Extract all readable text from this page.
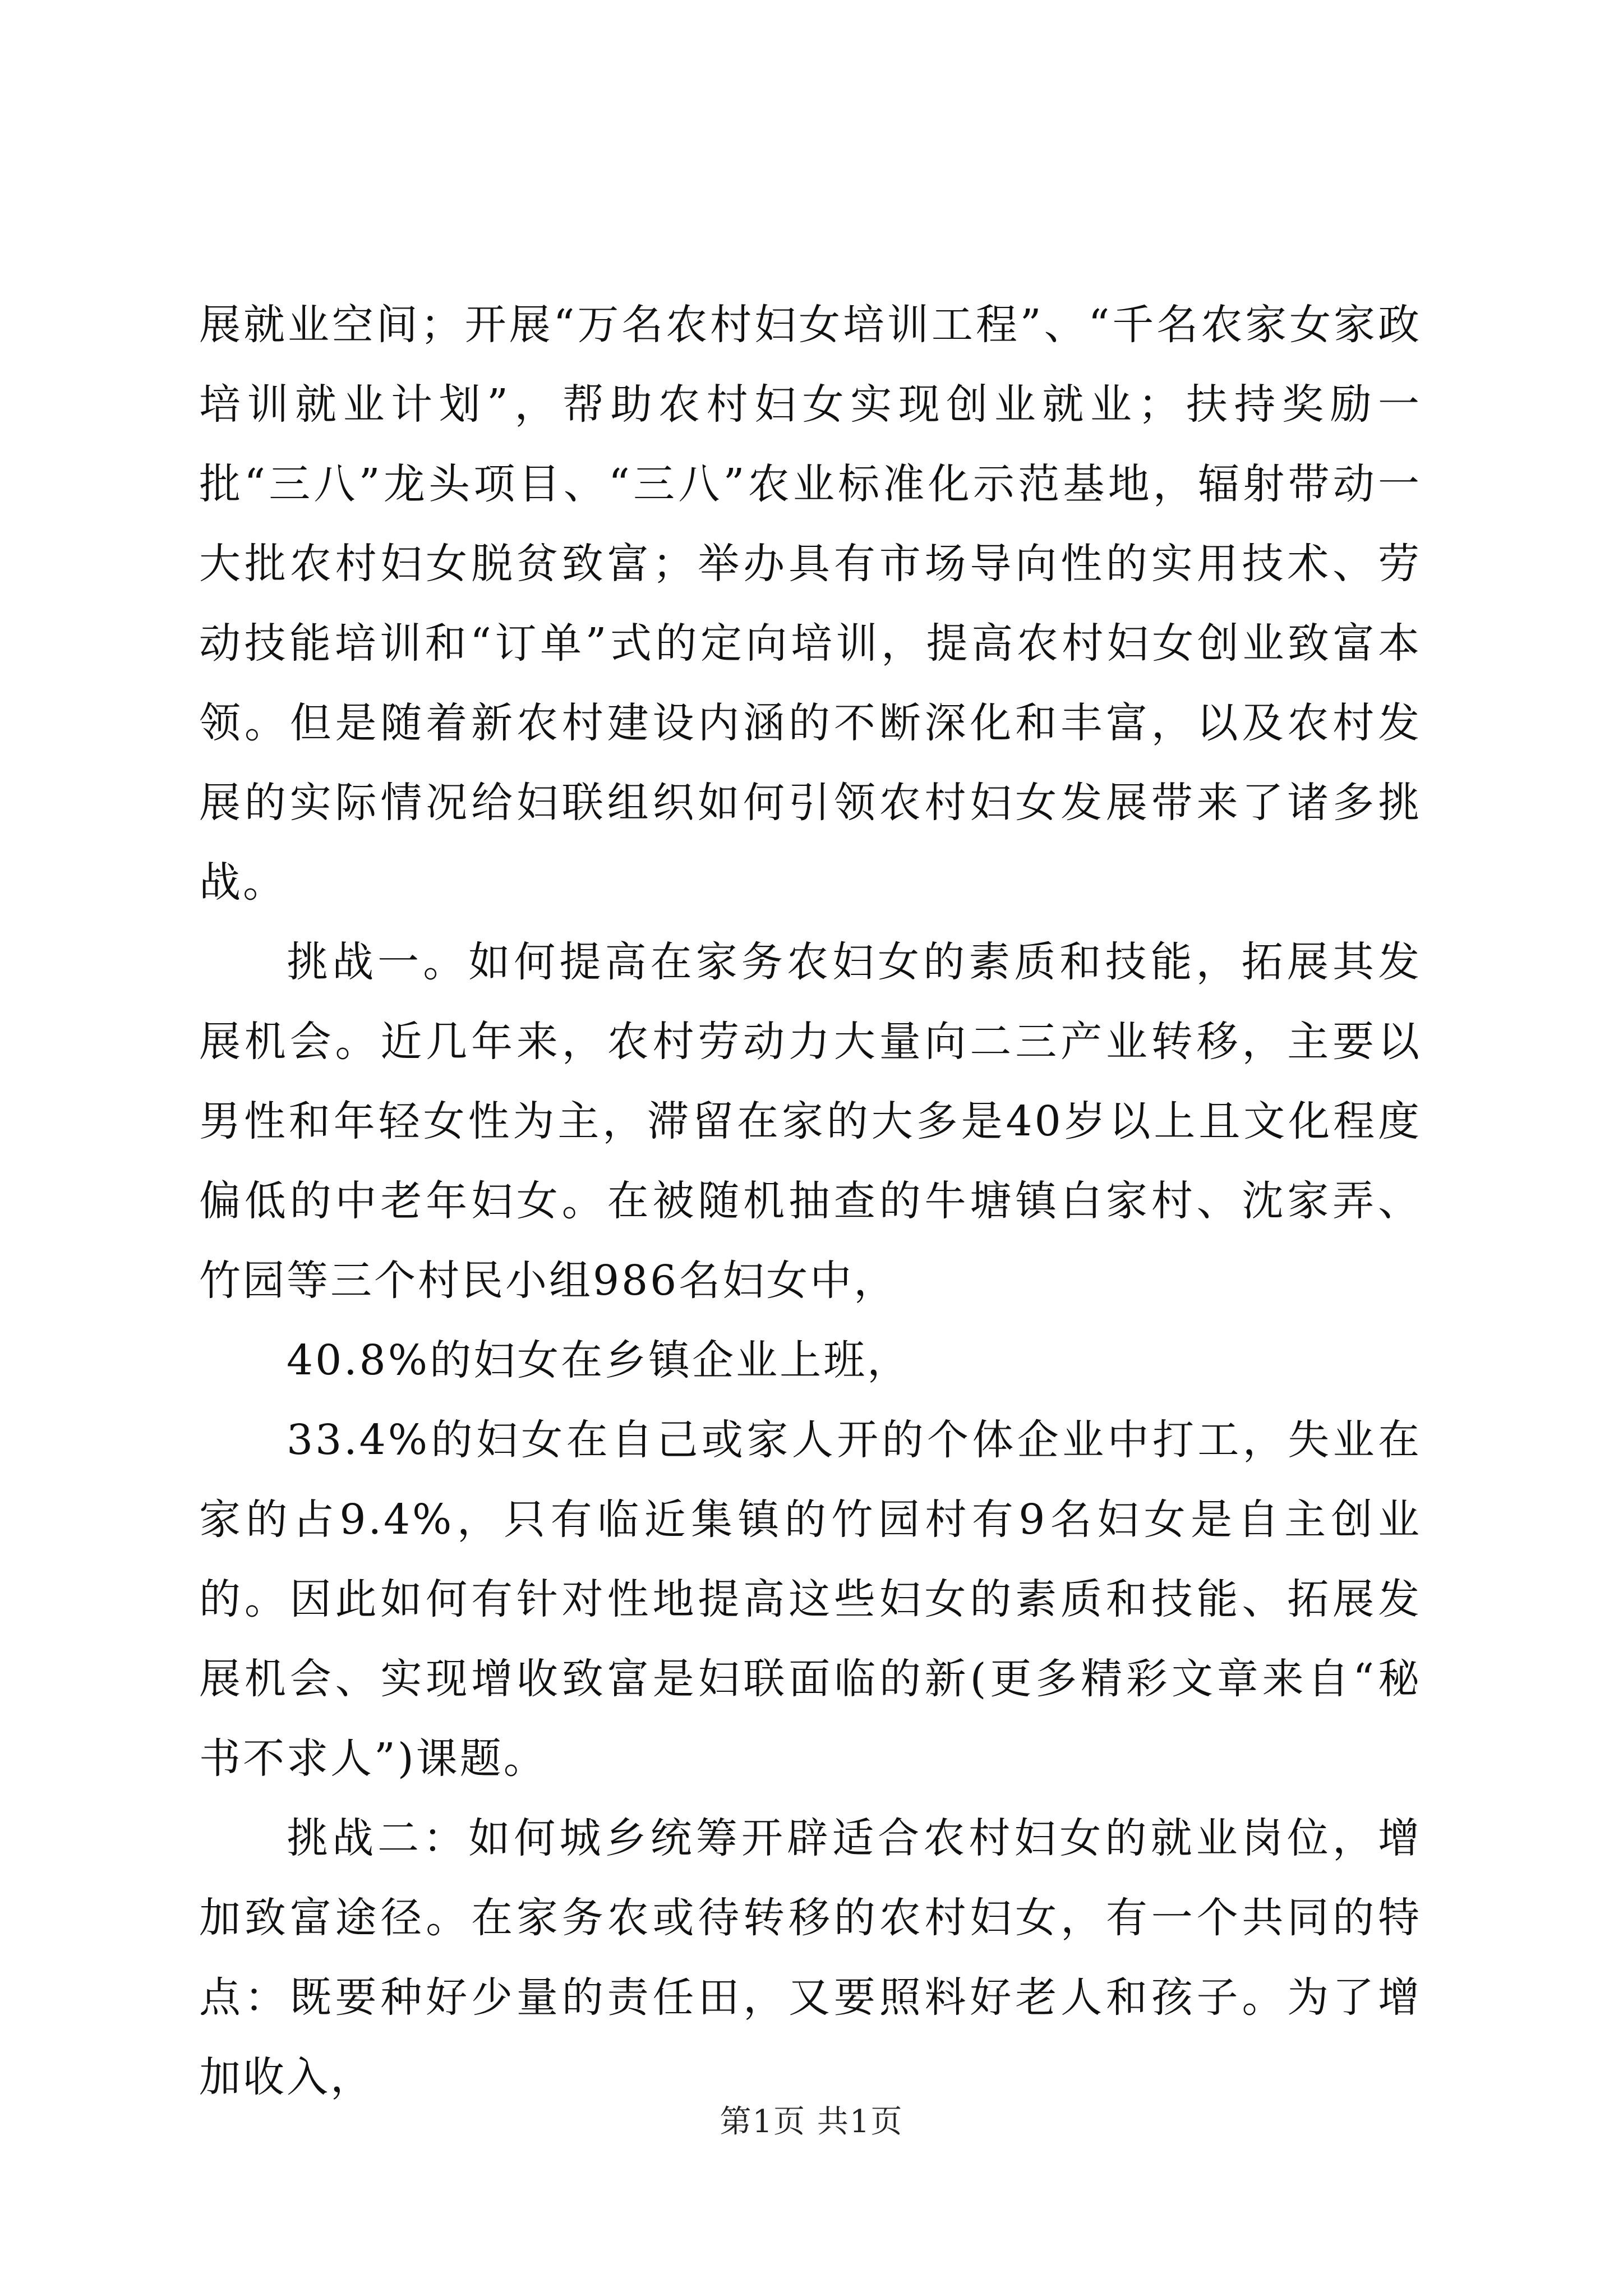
展就业空间；开展“万名农村妇女培训工程”、“千名农家女家政培训就业计划”，帮助农村妇女实现创业就业；扶持奖励一批“三八”龙头项目、“三八”农业标准化示范基地，辐射带动一大批农村妇女脱贫致富；举办具有市场导向性的实用技术、劳动技能培训和“订单”式的定向培训，提高农村妇女创业致富本领。但是随着新农村建设内涵的不断深化和丰富，以及农村发展的实际情况给妇联组织如何引领农村妇女发展带来了诸多挑战。

挑战一。如何提高在家务农妇女的素质和技能，拓展其发展机会。近几年来，农村劳动力大量向二三产业转移，主要以男性和年轻女性为主，滞留在家的大多是40岁以上且文化程度偏低的中老年妇女。在被随机抽查的牛塘镇白家村、沈家弄、竹园等三个村民小组986名妇女中，

40.8%的妇女在乡镇企业上班，

33.4%的妇女在自己或家人开的个体企业中打工，失业在家的占9.4%，只有临近集镇的竹园村有9名妇女是自主创业的。因此如何有针对性地提高这些妇女的素质和技能、拓展发展机会、实现增收致富是妇联面临的新(更多精彩文章来自“秘书不求人”)课题。

挑战二：如何城乡统筹开辟适合农村妇女的就业岗位，增加致富途径。在家务农或待转移的农村妇女，有一个共同的特点：既要种好少量的责任田，又要照料好老人和孩子。为了增加收入，

第1页 共1页
